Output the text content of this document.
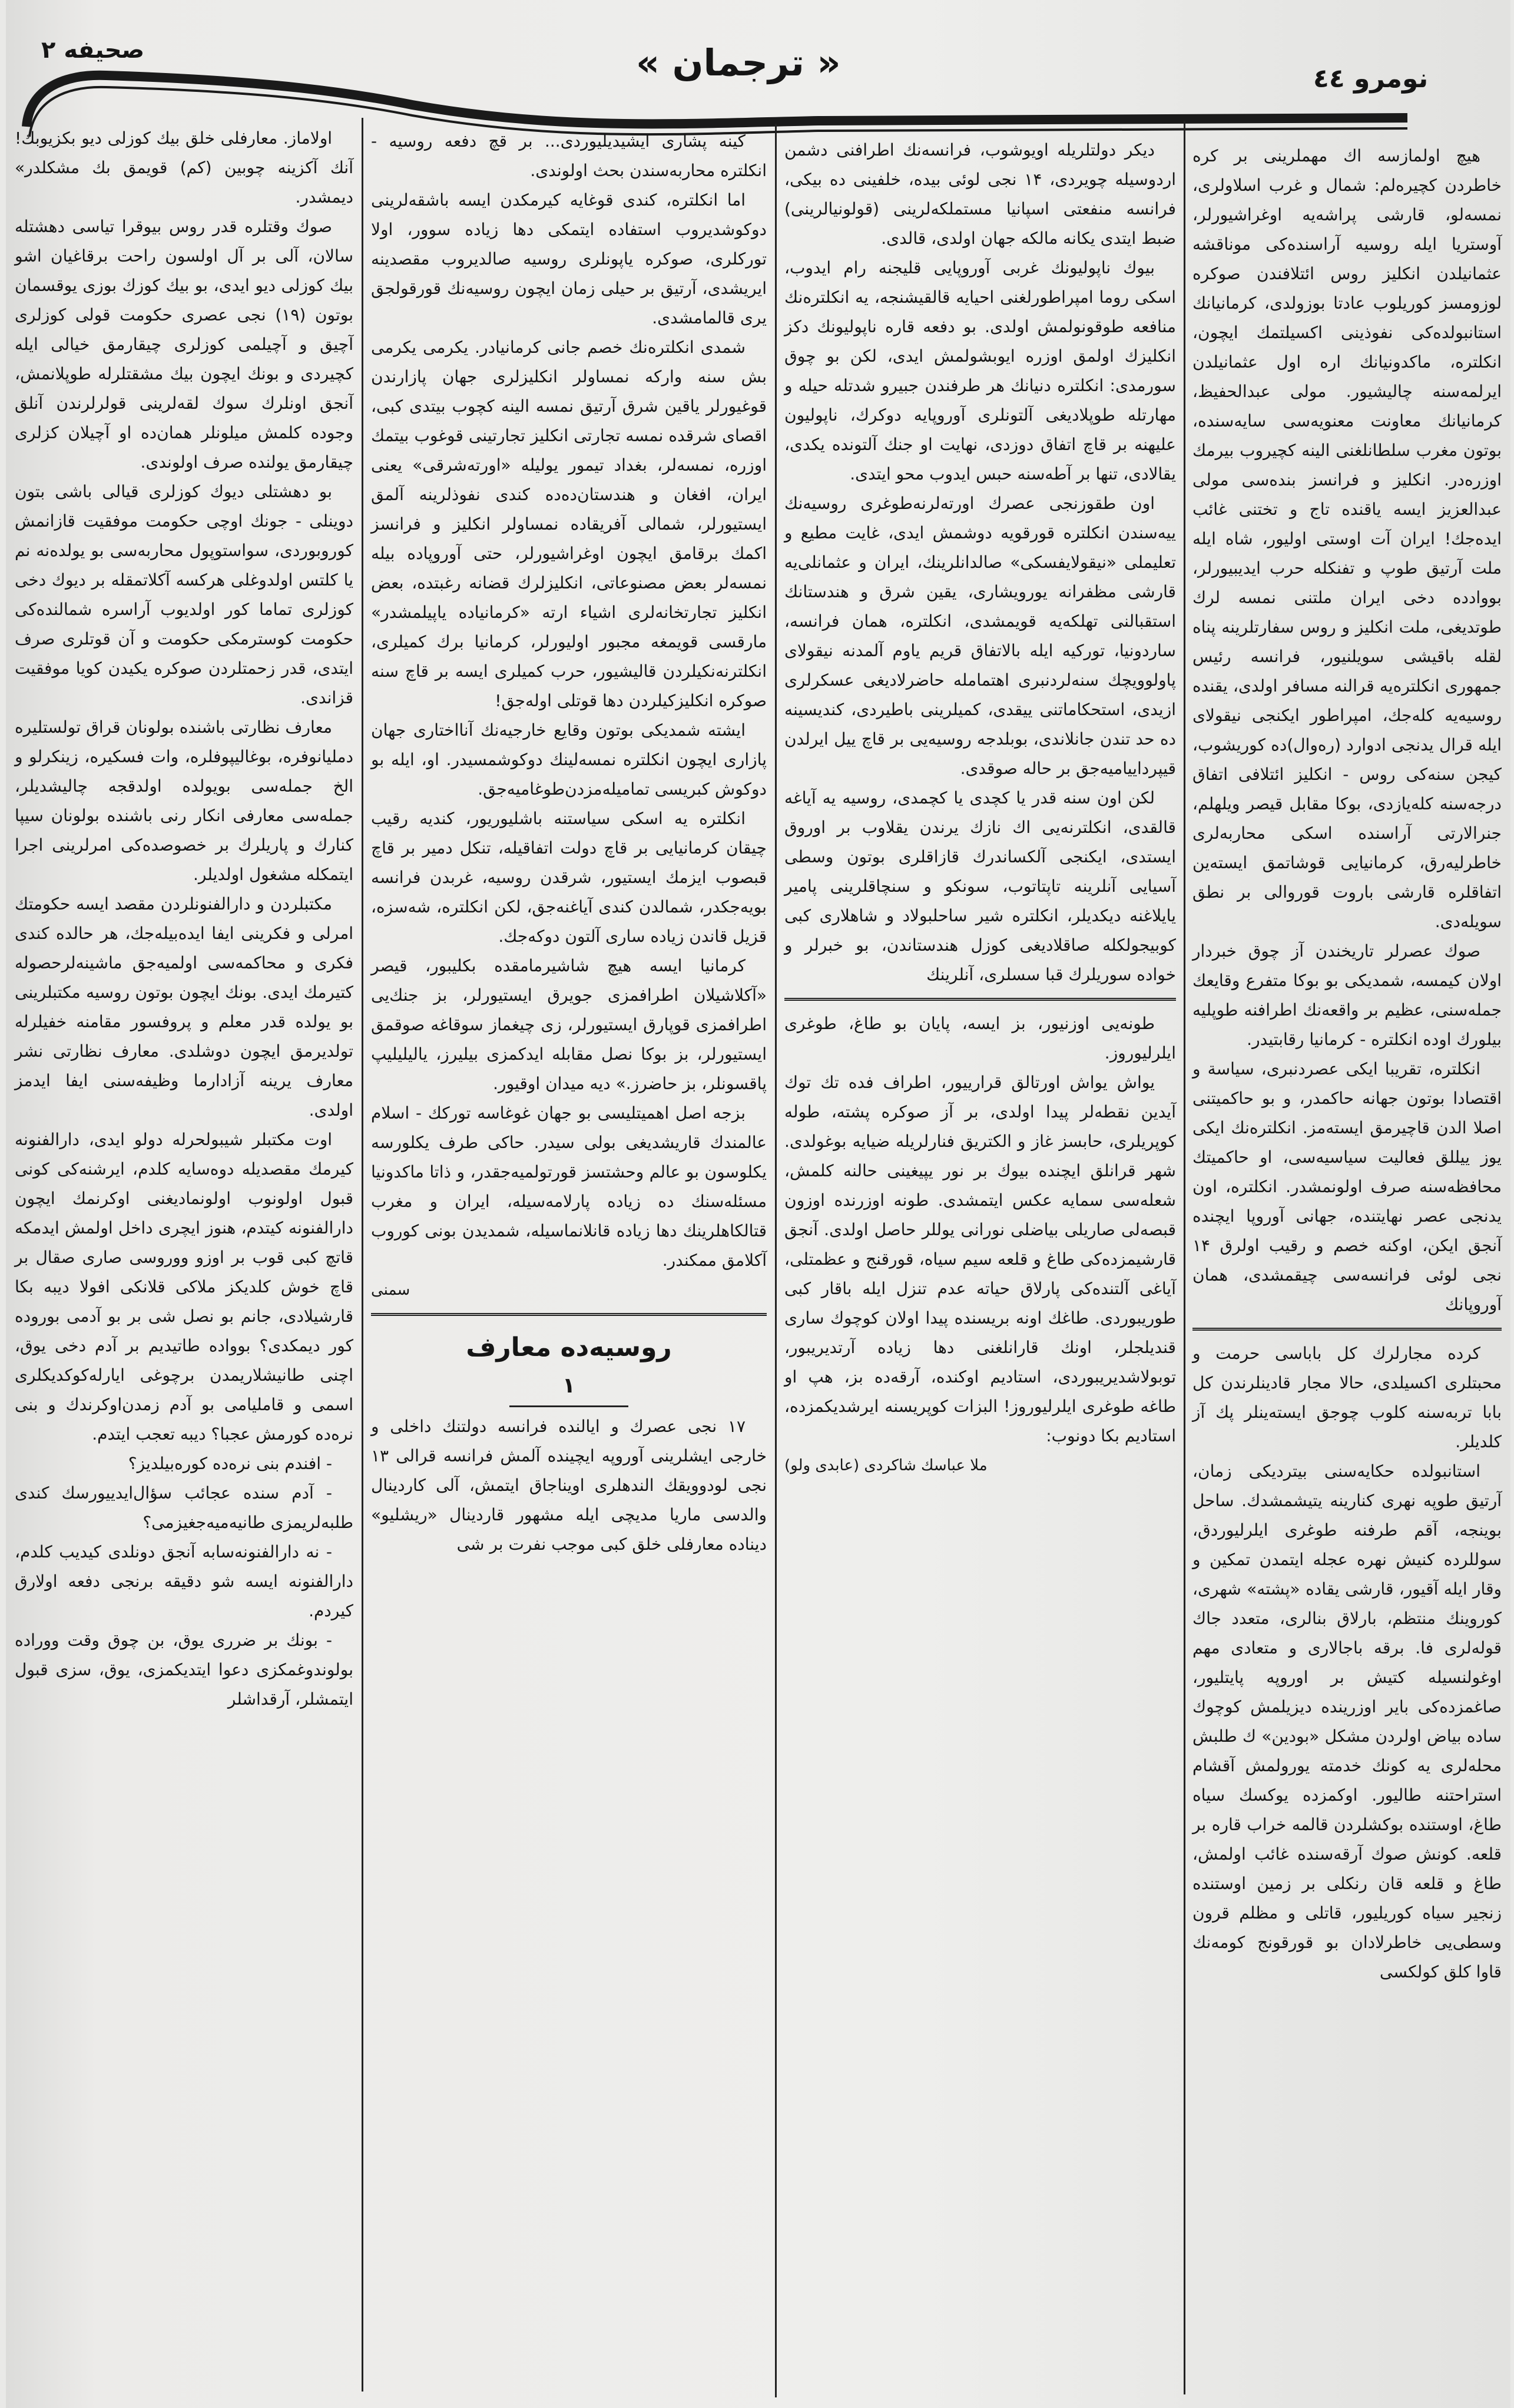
صحیفه ۲	« ترجمان »	نومرو ٤٤

هیچ اولمازسه اك مهملرینی بر كره خاطردن كچیره‌لم: شمال و غرب اسلاولری، نمسه‌لو، قارشی پراشه‌یه اوغراشیورلر، آوستریا ایله روسیه آراسنده‌كی موناقشه عثمانیلدن انكلیز روس ائتلافندن صوكره لوزومسز كوریلوب عادتا بوزولدی، كرمانیانك استانبولده‌كی نفوذینی اكسیلتمك ایچون، انكلتره، ماكدونیانك اره اول عثمانیلدن ایرلمه‌سنه چالیشیور. مولی عبدالحفیظ، كرمانیانك معاونت معنویه‌سی سایه‌سنده، بوتون مغرب سلطانلغنی الینه كچیروب بیرمك اوزره‌در. انكلیز و فرانسز بنده‌سی مولی عبدالعزیز ایسه یاقنده تاج و تختنی غائب ایده‌جك! ایران آت اوستی اولیور، شاه ایله ملت آرتیق طوپ و تفنكله حرب ایدیبیورلر، بووادده دخی ایران ملتنی نمسه لرك طوتدیغی، ملت انكلیز و روس سفارتلرینه پناه لقله باقیشی سویلنیور، فرانسه رئیس جمهوری انكلتره‌یه قرالنه مسافر اولدی، یقنده روسیه‌یه كله‌جك، امپراطور ایكنجی نیقولای ایله قرال یدنجی ادوارد (ره‌وال)ده كوریشوب، كیجن سنه‌كی روس - انكلیز ائتلافی اتفاق درجه‌سنه كله‌یازدی، بوكا مقابل قیصر ویلهلم، جنرالارتی آراسنده اسكی محاربه‌لری خاطرلیه‌رق، كرمانیایی قوشاتمق ایسته‌ین اتفاقلره قارشی باروت قوروالی بر نطق سویله‌دی.

صوك عصرلر تاریخندن آز چوق خبردار اولان كیمسه، شمدیكی بو بوكا متفرع وقایعك جمله‌سنی، عظیم بر واقعه‌نك اطرافنه طوپلیه بیلورك اوده انكلتره - كرمانیا رقابتیدر.

انكلتره، تقریبا ایكی عصردنبری، سیاسة و اقتصادا بوتون جهانه حاكمدر، و بو حاكمیتنی اصلا الدن قاچیرمق ایسته‌مز. انكلتره‌نك ایكی یوز ییللق فعالیت سیاسیه‌سی، او حاكمیتك محافظه‌سنه صرف اولونمشدر. انكلتره، اون یدنجی عصر نهایتنده، جهانی آوروپا ایچنده آنجق ایكن، اوكنه خصم و رقیب اولرق ۱۴ نجی لوئی فرانسه‌سی چیقمشدی، همان آوروپانك

كرده مجارلرك كل باباسی حرمت و محبتلری اكسیلدی، حالا مجار قادینلرندن كل بابا تربه‌سنه كلوب چوجق ایسته‌ینلر پك آز كلدیلر.

استانبولده حكایه‌سنی بیتردیكی زمان، آرتیق طوپه نهری كنارینه یتیشمشدك. ساحل بوینجه، آقم طرفنه طوغری ایلرلیوردق، سوللرده كنیش نهره عجله ایتمدن تمكین و وقار ایله آقیور، قارشی یقاده «پشته» شهری، كوروینك منتظم، بارلاق بنالری، متعدد جاك قوله‌لری فا. برقه باجالاری و متعادی مهم اوغولنسیله كتیش بر اوروپه پایتلیور، صاغمزده‌كی بایر اوزرینده دیزیلمش كوچوك ساده بیاض اولردن مشكل «بودین» ك طلبش محله‌لری یه كونك خدمته یورولمش آقشام استراحتنه طالیور. اوكمزده یوكسك سیاه طاغ، اوستنده بوكشلردن قالمه خراب قاره بر قلعه. كونش صوك آرقه‌سنده غائب اولمش، طاغ و قلعه قان رنكلی بر زمین اوستنده زنجیر سیاه كوریلیور، قاتلی و مظلم قرون وسطی‌یی خاطرلادان بو قورقونج كومه‌نك قاوا كلق كولكسی

دیكر دولتلریله اویوشوب، فرانسه‌نك اطرافنی دشمن اردوسیله چویردی، ۱۴ نجی لوئی بیده، خلفینی ده بیكی، فرانسه منفعتی اسپانیا مستملكه‌لرینی (قولونیالرینی) ضبط ایتدی یكانه مالكه جهان اولدی، قالدی.

بیوك ناپولیونك غربی آوروپایی قلیجنه رام ایدوب، اسكی روما امپراطورلغنی احیایه قالقیشنجه، یه انكلتره‌نك منافعه طوقونولمش اولدی. بو دفعه قاره ناپولیونك دكز انكلیزك اولمق اوزره ایوبشولمش ایدی، لكن بو چوق سورمدی: انكلتره دنیانك هر طرفندن جبیرو شدتله حیله و مهارتله طوپلادیغی آلتونلری آوروپایه دوكرك، ناپولیون علیهنه بر قاچ اتفاق دوزدی، نهایت او جنك آلتونده یكدی، یقالادی، تنها بر آطه‌سنه حبس ایدوب محو ایتدی.

اون طقوزنجی عصرك اورته‌لرنه‌طوغری روسیه‌نك ییه‌سندن انكلتره قورقویه دوشمش ایدی، غایت مطیع و تعلیملی «نیقولایفسكی» صالدانلرینك، ایران و عثمانلی‌یه قارشی مظفرانه یورویشاری، یقین شرق و هندستانك استقبالنی تهلكه‌یه قویمشدی، انكلتره، همان فرانسه، ساردونیا، توركیه ایله بالاتفاق قریم یاوم آلمدنه نیقولای پاولوویچك سنه‌لردنبری اهتمامله حاضرلادیغی عسكرلری ازیدی، استحكاماتنی ییقدی، كمیلرینی باطیردی، كندیسینه ده حد تندن جانلاندی، بوبلدجه روسیه‌یی بر قاچ ییل ایرلدن قیپرداییامیه‌جق بر حاله صوقدی.

لكن اون سنه قدر یا كچدی یا كچمدی، روسیه یه آیاغه قالقدی، انكلترنه‌یی اك نازك یرندن یقلاوب بر اوروق ایستدی، ایكنجی آلكساندرك قازاقلری بوتون وسطی آسیایی آنلرینه تاپتاتوب، سونكو و سنچاقلرینی پامیر یایلاغنه دیكدیلر، انكلتره شیر ساحلبولاد و شاهلاری كبی كوبیجولكله صاقلادیغی كوزل هندستاندن، بو خبرلر و خواده سوریلرك قبا سسلری، آنلرینك

طونه‌یی اوزنیور، بز ایسه، پایان بو طاغ، طوغری ایلرلیوروز.

یواش یواش اورتالق قرارییور، اطراف فده تك توك آیدین نقطه‌لر پیدا اولدی، بر آز صوكره پشته، طوله كوپریلری، حابسز غاز و الكتریق فنارلریله ضیایه بوغولدی. شهر قرانلق ایچنده بیوك بر نور یپیغینی حالنه كلمش، شعله‌سی سمایه عكس ایتمشدی. طونه اوزرنده اوزون قبصه‌لی صاریلی بیاضلی نورانی یوللر حاصل اولدی. آنجق قارشیمزده‌كی طاغ و قلعه سیم سیاه، قورقنج و عظمتلی، آیاغی آلتنده‌كی پارلاق حیاته عدم تنزل ایله باقار كبی طوریبوردی. طاغك اونه بریسنده پیدا اولان كوچوك ساری قندیلجلر، اونك قارانلغنی دها زیاده آرتدیریبور، توبولاشدیریبوردی، استادیم اوكنده، آرقه‌ده بز، هپ او طاغه طوغری ایلرلیوروز! البزات كوپریسنه ایرشدیكمزده، استادیم بكا دونوب:

ملا عباسك شاكردی (عابدی ولو)

كینه پشاری ایشیدیلیوردی... بر قچ دفعه روسیه - انكلتره محاربه‌سندن بحث اولوندی.

اما انكلتره، كندی قوغایه كیرمكدن ایسه باشقه‌لرینی دوكوشدیروب استفاده ایتمكی دها زیاده سوور، اولا توركلری، صوكره یاپونلری روسیه صالدیروب مقصدینه ایریشدی، آرتیق بر حیلی زمان ایچون روسیه‌نك قورقولجق یری قالمامشدی.

شمدی انكلتره‌نك خصم جانی كرمانیادر. یكرمی یكرمی بش سنه وارکه نمساولر انكلیزلری جهان پازارندن قوغیورلر یاقین شرق آرتیق نمسه الینه كچوب بیتدی كبی، اقصای شرقده نمسه تجارتی انكلیز تجارتینی قوغوب بیتمك اوزره، نمسه‌لر، بغداد تیمور یولیله «اورته‌شرقی» یعنی ایران، افغان و هندستان‌ده‌ده كندی نفوذلرینه آلمق ایستیورلر، شمالی آفریقاده نمساولر انكلیز و فرانسز اكمك برقامق ایچون اوغراشیورلر، حتی آوروپاده بیله نمسه‌لر بعض مصنوعاتی، انكلیزلرك قضانه رغبتده، بعض انكلیز تجارتخانه‌لری اشیاء ارته «كرمانیاده یاپیلمشدر» مارقسی قویمغه مجبور اولیورلر، كرمانیا برك كمیلری، انكلترنه‌نكیلردن قالیشیور، حرب كمیلری ایسه بر قاچ سنه صوكره انكلیزكیلردن دها قوتلی اوله‌جق!

ایشته شمدیكی بوتون وقایع خارجیه‌نك آنااختاری جهان پازاری ایچون انكلتره نمسه‌لینك دوكوشمسیدر. او، ایله بو دوكوش كبریسی تمامیله‌مزدن‌طوغامیه‌جق.

انكلتره یه اسكی سیاستنه باشلیوریور، كندیه رقیب چیقان كرمانیایی بر قاچ دولت اتفاقیله، تنكل دمیر بر قاچ قبصوب ایزمك ایستیور، شرقدن روسیه، غربدن فرانسه بویه‌جكدر، شمالدن كندی آیاغنه‌جق، لكن انكلتره، شه‌سزه، قزیل قاندن زیاده ساری آلتون دوكه‌جك.

كرمانیا ایسه هیچ شاشیرمامقده بكلیبور، قیصر «آكلاشیلان اطرافمزی جویرق ایستیورلر، بز جنك‌یی اطرافمزی قوپارق ایستیورلر، زی چیغماز سوقاغه صوقمق ایستیورلر، بز بوكا نصل مقابله ایدكمزی بیلیرز، یالیلیلیپ پاقسونلر، بز حاضرز.» دیه میدان اوقیور.

بزجه اصل اهمیتلیسی بو جهان غوغاسه توركك - اسلام عالمندك قاریشدیغی بولی سیدر. حاكی طرف یكلورسه یكلوسون بو عالم وحشتسز قورتولمیه‌جقدر، و ذاتا ماكدونیا مسئله‌سنك ده زیاده پارلامه‌سیله، ایران و مغرب قتالكاهلرینك دها زیاده قانلانماسیله، شمدیدن بونی كوروب آكلامق ممكندر.

سمنی

روسیه‌ده معارف

۱

۱۷ نجی عصرك و ایالنده فرانسه دولتنك داخلی و خارجی ایشلرینی آوروپه ایچینده آلمش فرانسه قرالی ۱۳ نجی لودوویقك الندهلری اویناجاق ایتمش، آلی كاردینال والدسی ماریا مدیچی ایله مشهور قاردینال «ریشلیو» دیناده معارفلی خلق كبی موجب نفرت بر شی

اولاماز. معارفلی خلق بیك كوزلی دیو بكزیوبك! آنك آكزینه چوبین (كم) قویمق بك مشكلدر» دیمشدر.

صوك وقتلره قدر روس بیوقرا تیاسی دهشتله سالان، آلی بر آل اولسون راحت برقاغیان اشو بیك كوزلی دیو ایدی، بو بیك كوزك بوزی یوقسمان بوتون (۱۹) نجی عصری حكومت قولی كوزلری آچیق و آچیلمی كوزلری چیقارمق خیالی ایله كچیردی و بونك ایچون بیك مشقتلرله طوپلانمش، آنجق اونلرك سوك لقه‌لرینی قولرلرندن آنلق وجوده كلمش میلونلر همان‌ده او آچیلان كزلری چیقارمق یولنده صرف اولوندی.

بو دهشتلی دیوك كوزلری قیالی باشی بتون دوینلی - جونك اوچی حكومت موفقیت قازانمش كوروبوردی، سواستوپول محاربه‌سی بو یولده‌نه نم یا كلتس اولدوغلی هركسه آكلاتمقله بر دیوك دخی كوزلری تماما كور اولدیوب آراسره شمالنده‌كی حكومت كوسترمكی حكومت و آن قوتلری صرف ایتدی، قدر زحمتلردن صوكره یكیدن كویا موفقیت قزاندی.

معارف نظارتی باشنده بولونان قراق تولستلیره دملیانوفره، بوغالیپوفلره، وات فسكیره، زینكرلو و الخ جمله‌سی بویولده اولدقجه چالیشدیلر، جمله‌سی معارفی انكار رنی باشنده بولونان سیپا كنارك و پاریلرك بر خصوصده‌كی امرلرینی اجرا ایتمكله مشغول اولدیلر.

مكتبلردن و دارالفنونلردن مقصد ایسه حكومتك امرلی و فكرینی ایفا ایده‌بیله‌جك، هر حالده كندی فكری و محاكمه‌سی اولمیه‌جق ماشینه‌لرحصوله كتیرمك ایدی. بونك ایچون بوتون روسیه مكتبلرینی بو یولده قدر معلم و پروفسور مقامنه خفیلرله تولدیرمق ایچون دوشلدی. معارف نظارتی نشر معارف یرینه آزادارما وظیفه‌سنی ایفا ایدمز اولدی.

اوت مكتبلر شیبولحرله دولو ایدی، دارالفنونه كیرمك مقصدیله دوه‌سایه كلدم، ایرشنه‌كی كونی قبول اولونوب اولونمادیغنی اوكرنمك ایچون دارالفنونه كیتدم، هنوز ایچری داخل اولمش ایدمكه قاتچ كبی قوب بر اوزو ووروسی صاری صقال بر قاچ خوش كلدیكز ملاكی قلانكی افولا دیبه بكا قارشیلادی، جانم بو نصل شی بر بو آدمی بوروده كور دیمكدی؟ بوواده طاتیدیم بر آدم دخی یوق، اچنی طانیشلاریمدن برچوغی ایارله‌كوكدیكلری اسمی و قاملیامی بو آدم زمدن‌اوكرندك و بنی نره‌ده كورمش عجبا؟ دیبه تعجب ایتدم.

- افندم بنی نره‌ده كوره‌بیلدیز؟

- آدم سنده عجائب سؤال‌ایدییورسك كندی طلبه‌لریمزی طانیه‌میه‌جغیز‌می؟

- نه دارالفنونه‌سابه آنجق دونلدی كیدیب كلدم، دارالفنونه ایسه شو دقیقه برنجی دفعه اولارق كیردم.

- بونك بر ضرری یوق، بن چوق وقت ووراده بولوندوغمكزی دعوا ایتدیكمزی، یوق، سزی قبول ایتمشلر، آرقداشلر
